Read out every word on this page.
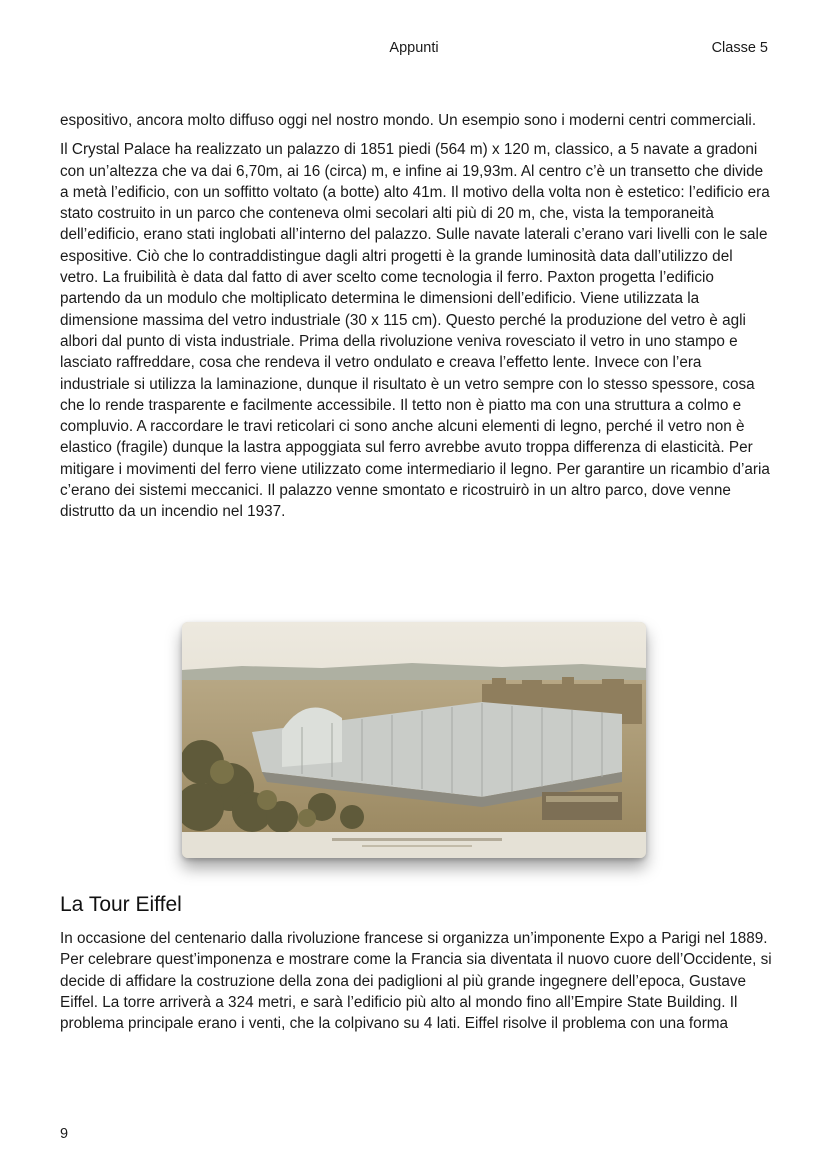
Appunti	Classe 5

espositivo, ancora molto diffuso oggi nel nostro mondo. Un esempio sono i moderni centri commerciali.

Il Crystal Palace ha realizzato un palazzo di 1851 piedi (564 m) x 120 m, classico, a 5 navate a gradoni con un’altezza che va dai 6,70m, ai 16 (circa) m, e infine ai 19,93m. Al centro c’è un transetto che divide a metà l’edificio, con un soffitto voltato (a botte) alto 41m. Il motivo della volta non è estetico: l’edificio era stato costruito in un parco che conteneva olmi secolari alti più di 20 m, che, vista la temporaneità dell’edificio, erano stati inglobati all’interno del palazzo. Sulle navate laterali c’erano vari livelli con le sale espositive. Ciò che lo contraddistingue dagli altri progetti è la grande luminosità data dall’utilizzo del vetro. La fruibilità è data dal fatto di aver scelto come tecnologia il ferro. Paxton progetta l’edificio partendo da un modulo che moltiplicato determina le dimensioni dell’edificio. Viene utilizzata la dimensione massima del vetro industriale (30 x 115 cm). Questo perché la produzione del vetro è agli albori dal punto di vista industriale. Prima della rivoluzione veniva rovesciato il vetro in uno stampo e lasciato raffreddare, cosa che rendeva il vetro ondulato e creava l’effetto lente. Invece con l’era industriale si utilizza la laminazione, dunque il risultato è un vetro sempre con lo stesso spessore, cosa che lo rende trasparente e facilmente accessibile. Il tetto non è piatto ma con una struttura a colmo e compluvio. A raccordare le travi reticolari ci sono anche alcuni elementi di legno, perché il vetro non è elastico (fragile) dunque la lastra appoggiata sul ferro avrebbe avuto troppa differenza di elasticità. Per mitigare i movimenti del ferro viene utilizzato come intermediario il legno. Per garantire un ricambio d’aria c’erano dei sistemi meccanici. Il palazzo venne smontato e ricostruirò in un altro parco, dove venne distrutto da un incendio nel 1937.

La Tour Eiffel

In occasione del centenario dalla rivoluzione francese si organizza un’imponente Expo a Parigi nel 1889. Per celebrare quest’imponenza e mostrare come la Francia sia diventata il nuovo cuore dell’Occidente, si decide di affidare la costruzione della zona dei padiglioni al più grande ingegnere dell’epoca, Gustave Eiffel. La torre arriverà a 324 metri, e sarà l’edificio più alto al mondo fino all’Empire State Building. Il problema principale erano i venti, che la colpivano su 4 lati. Eiffel risolve il problema con una forma

9
